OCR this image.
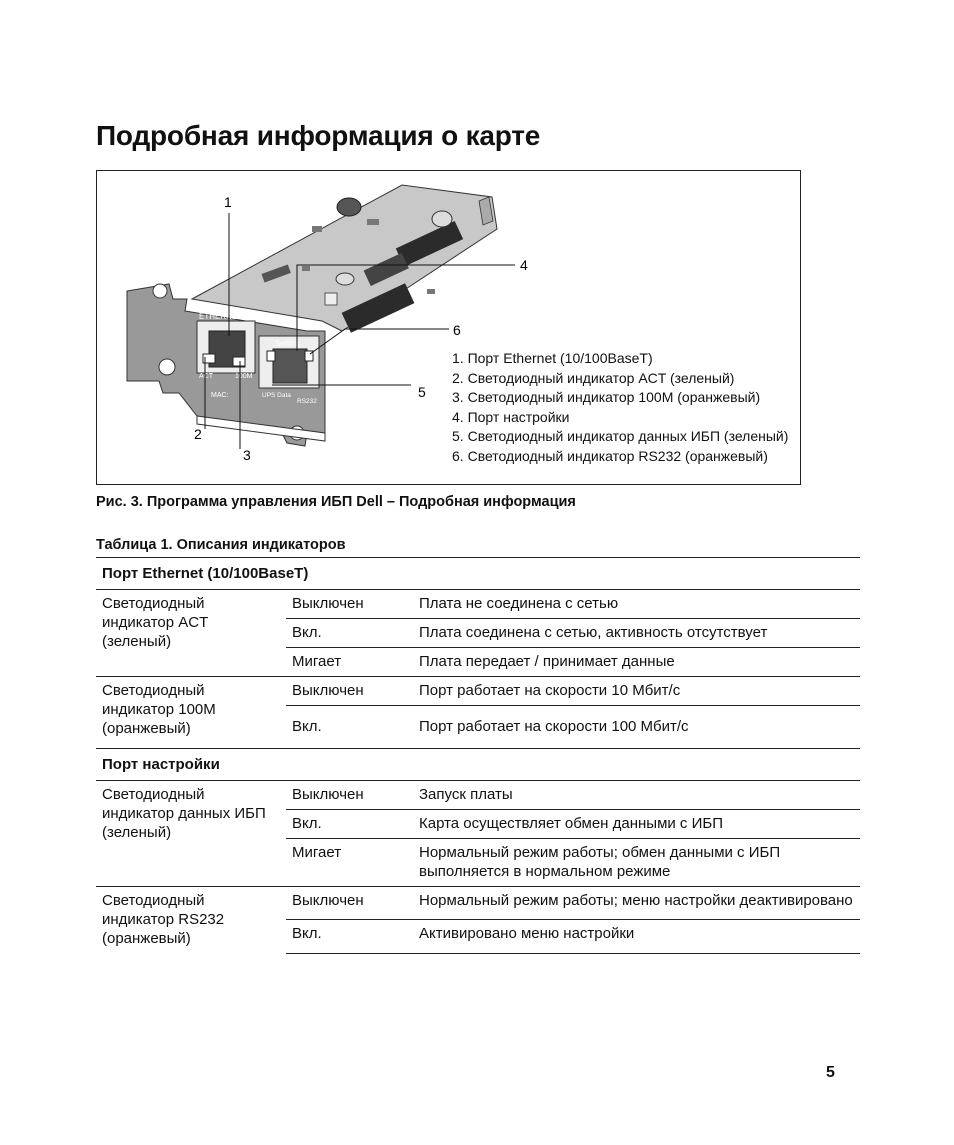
Подробная информация о карте
ETHERNET
Setting
ACT	100M
MAC:	UPS Data
RS232
1
2
3
4
5
6
1. Порт Ethernet (10/100BaseT)
2. Светодиодный индикатор ACT (зеленый)
3. Светодиодный индикатор 100M (оранжевый)
4. Порт настройки
5. Светодиодный индикатор данных ИБП (зеленый)
6. Светодиодный индикатор RS232 (оранжевый)
Рис. 3. Программа управления ИБП Dell – Подробная информация
Таблица 1. Описания индикаторов
Порт Ethernet (10/100BaseT)		
Светодиодный индикатор ACT (зеленый)	Выключен	Плата не соединена с сетью
	Вкл.	Плата соединена с сетью, активность отсутствует
	Мигает	Плата передает / принимает данные
Светодиодный индикатор 100M (оранжевый)	Выключен	Порт работает на скорости 10 Мбит/с
	Вкл.	Порт работает на скорости 100 Мбит/с
Порт настройки		
Светодиодный индикатор данных ИБП (зеленый)	Выключен	Запуск платы
	Вкл.	Карта осуществляет обмен данными с ИБП
	Мигает	Нормальный режим работы; обмен данными с ИБП выполняется в нормальном режиме
Светодиодный индикатор RS232 (оранжевый)	Выключен	Нормальный режим работы; меню настройки деактивировано
	Вкл.	Активировано меню настройки
5
